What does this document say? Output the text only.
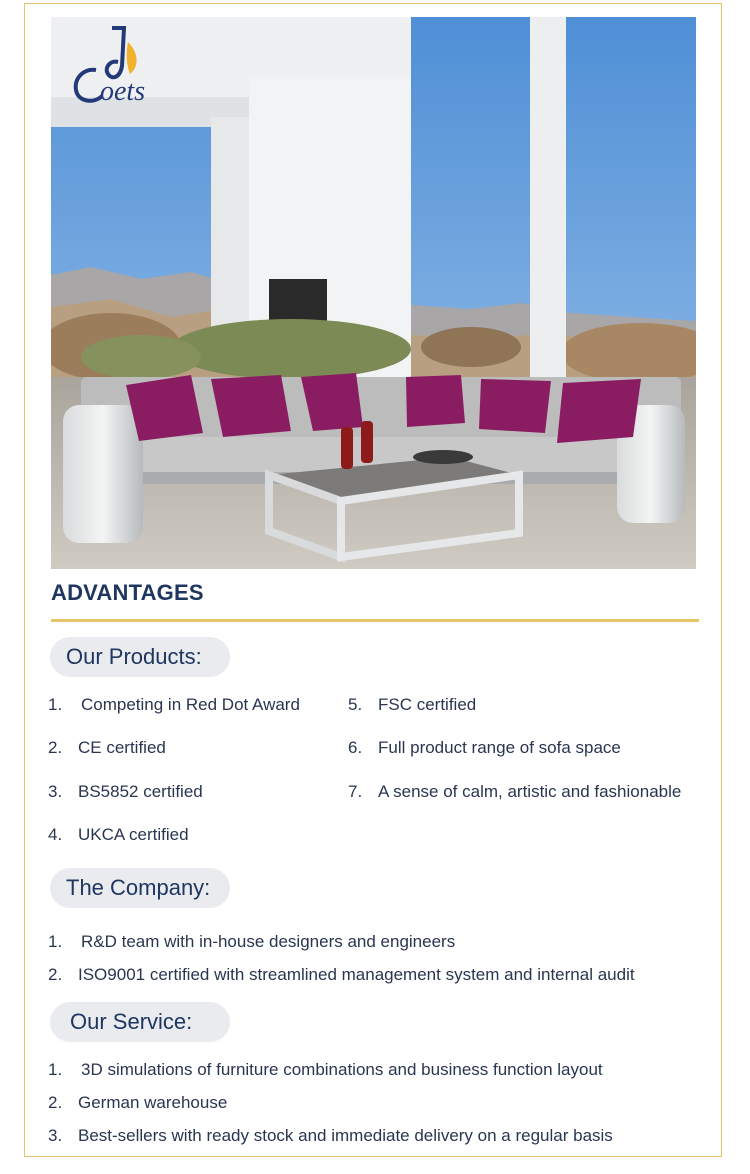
oets
ADVANTAGES
Our Products:
1. Competing in Red Dot Award
2. CE certified
3. BS5852 certified
4. UKCA certified
5. FSC certified
6. Full product range of sofa space
7. A sense of calm, artistic and fashionable
The Company:
1. R&D team with in-house designers and engineers
2. ISO9001 certified with streamlined management system and internal audit
Our Service:
1. 3D simulations of furniture combinations and business function layout
2. German warehouse
3. Best-sellers with ready stock and immediate delivery on a regular basis
